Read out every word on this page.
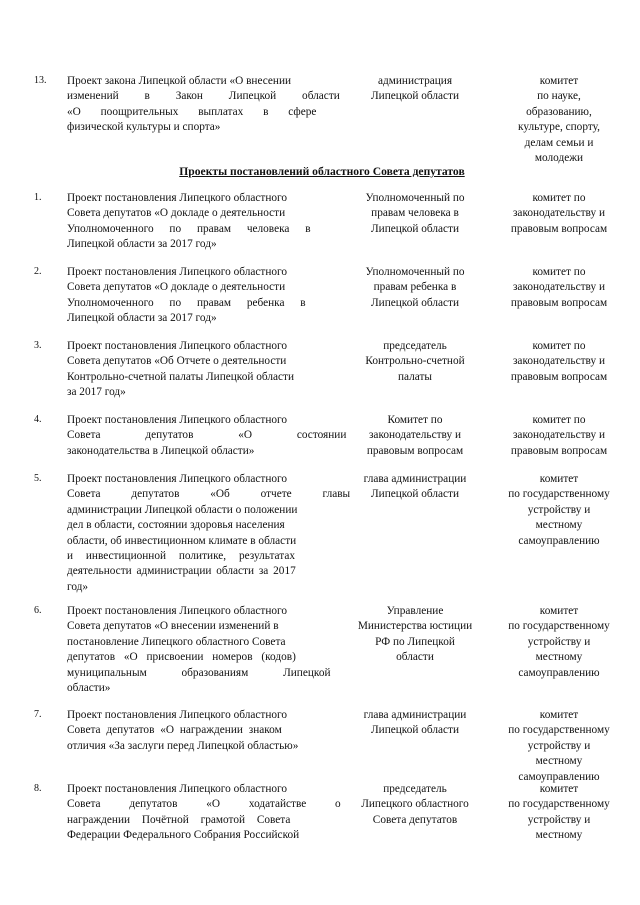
13. Проект закона Липецкой области «О внесении
изменений в Закон Липецкой области
«О поощрительных выплатах в сфере
физической культуры и спорта»
администрация
Липецкой области
комитет
по науке,
образованию,
культуре, спорту,
делам семьи и
молодежи
Проекты постановлений областного Совета депутатов
1. Проект постановления Липецкого областного
Совета депутатов «О докладе о деятельности
Уполномоченного по правам человека в
Липецкой области за 2017 год»
Уполномоченный по
правам человека в
Липецкой области
комитет по
законодательству и
правовым вопросам
2. Проект постановления Липецкого областного
Совета депутатов «О докладе о деятельности
Уполномоченного по правам ребенка в
Липецкой области за 2017 год»
Уполномоченный по
правам ребенка в
Липецкой области
комитет по
законодательству и
правовым вопросам
3. Проект постановления Липецкого областного
Совета депутатов «Об Отчете о деятельности
Контрольно-счетной палаты Липецкой области
за 2017 год»
председатель
Контрольно-счетной
палаты
комитет по
законодательству и
правовым вопросам
4. Проект постановления Липецкого областного
Совета депутатов «О состоянии
законодательства в Липецкой области»
Комитет по
законодательству и
правовым вопросам
комитет по
законодательству и
правовым вопросам
5. Проект постановления Липецкого областного
Совета депутатов «Об отчете главы
администрации Липецкой области о положении
дел в области, состоянии здоровья населения
области, об инвестиционном климате в области
и инвестиционной политике, результатах
деятельности администрации области за 2017
год»
глава администрации
Липецкой области
комитет
по государственному
устройству и
местному
самоуправлению
6. Проект постановления Липецкого областного
Совета депутатов «О внесении изменений в
постановление Липецкого областного Совета
депутатов «О присвоении номеров (кодов)
муниципальным образованиям Липецкой
области»
Управление
Министерства юстиции
РФ по Липецкой
области
комитет
по государственному
устройству и
местному
самоуправлению
7. Проект постановления Липецкого областного
Совета депутатов «О награждении знаком
отличия «За заслуги перед Липецкой областью»
глава администрации
Липецкой области
комитет
по государственному
устройству и
местному
самоуправлению
8. Проект постановления Липецкого областного
Совета депутатов «О ходатайстве о
награждении Почётной грамотой Совета
Федерации Федерального Собрания Российской
председатель
Липецкого областного
Совета депутатов
комитет
по государственному
устройству и
местному
